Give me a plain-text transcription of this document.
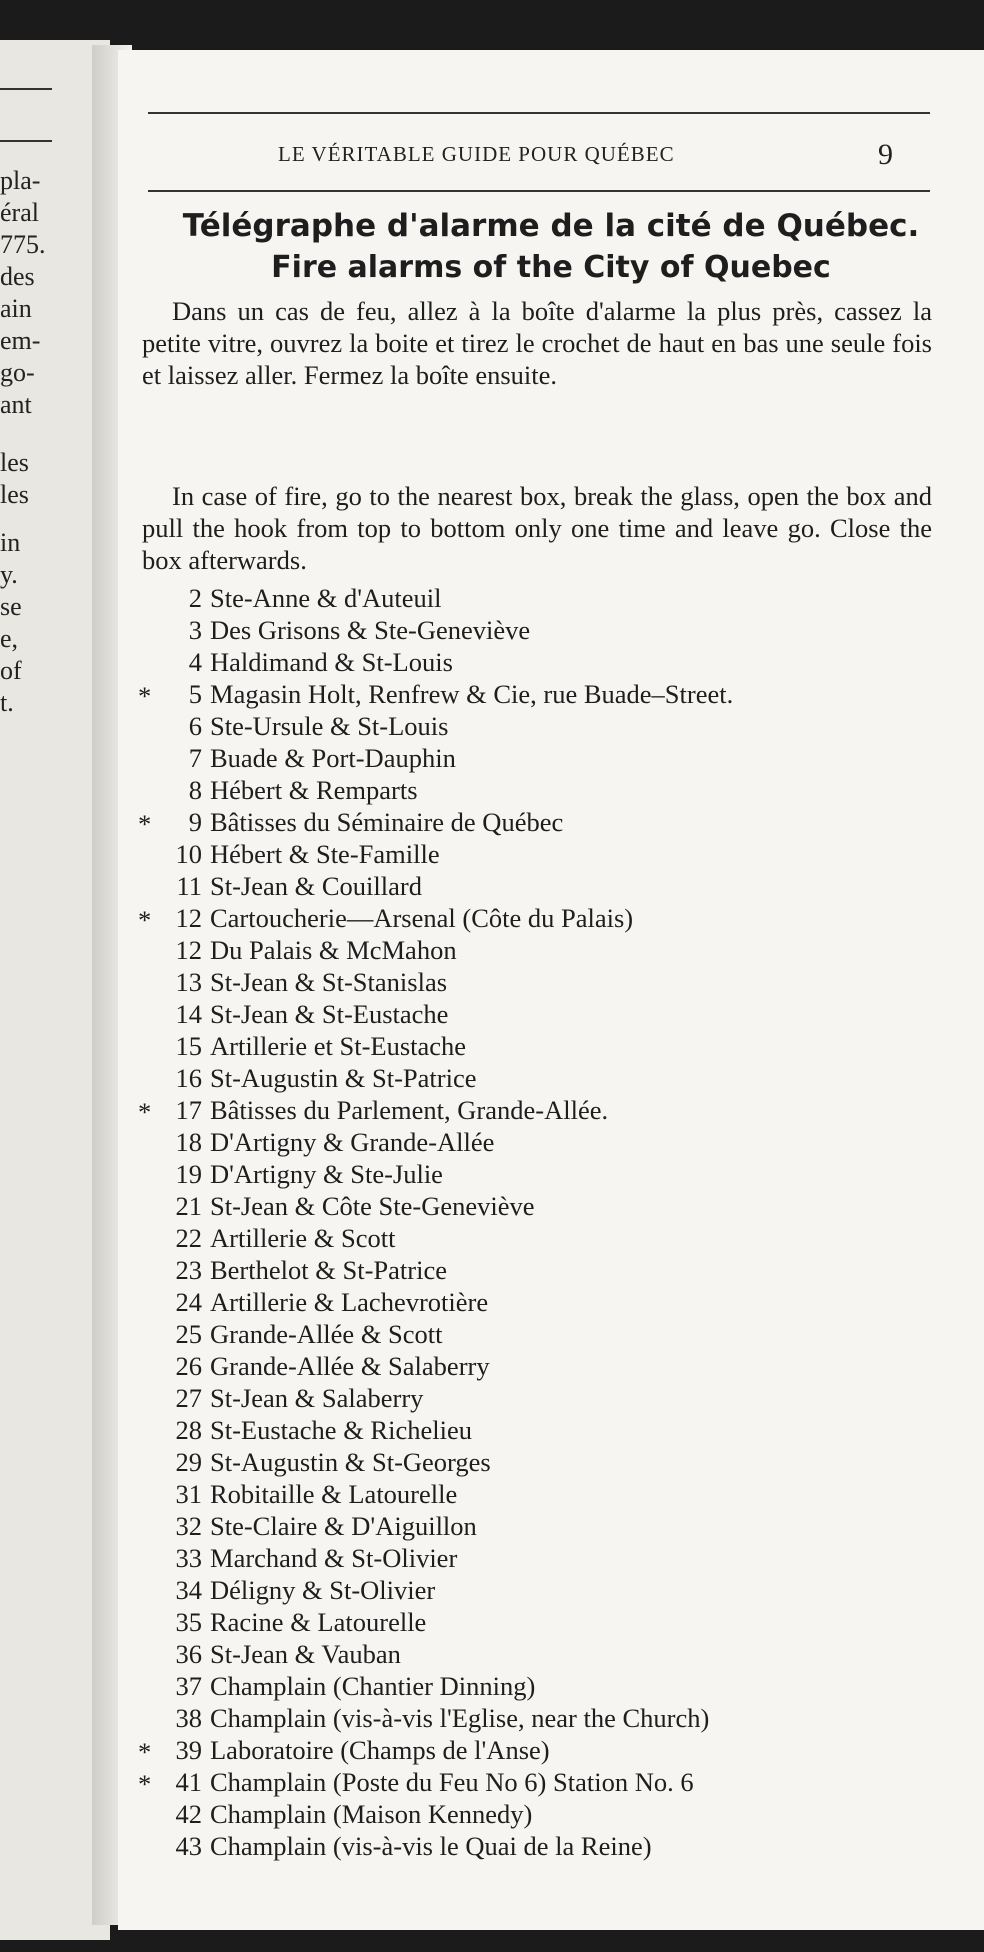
pla-
éral
775.
des
ain
em-
go-
ant
les
les
in
y.
se
e,
of
t.
LE VÉRITABLE GUIDE POUR QUÉBEC	9
Télégraphe d'alarme de la cité de Québec.
Fire alarms of the City of Quebec
Dans un cas de feu, allez à la boîte d'alarme la plus près, cassez la petite vitre, ouvrez la boite et tirez le crochet de haut en bas une seule fois et laissez aller. Fermez la boîte ensuite.
In case of fire, go to the nearest box, break the glass, open the box and pull the hook from top to bottom only one time and leave go. Close the box afterwards.
2 Ste-Anne & d'Auteuil
3 Des Grisons & Ste-Geneviève
4 Haldimand & St-Louis
*	5 Magasin Holt, Renfrew & Cie, rue Buade–Street.
6 Ste-Ursule & St-Louis
7 Buade & Port-Dauphin
8 Hébert & Remparts
*	9 Bâtisses du Séminaire de Québec
10 Hébert & Ste-Famille
11 St-Jean & Couillard
* 12 Cartoucherie—Arsenal (Côte du Palais)
12 Du Palais & McMahon
13 St-Jean & St-Stanislas
14 St-Jean & St-Eustache
15 Artillerie et St-Eustache
16 St-Augustin & St-Patrice
* 17 Bâtisses du Parlement, Grande-Allée.
18 D'Artigny & Grande-Allée
19 D'Artigny & Ste-Julie
21 St-Jean & Côte Ste-Geneviève
22 Artillerie & Scott
23 Berthelot & St-Patrice
24 Artillerie & Lachevrotière
25 Grande-Allée & Scott
26 Grande-Allée & Salaberry
27 St-Jean & Salaberry
28 St-Eustache & Richelieu
29 St-Augustin & St-Georges
31 Robitaille & Latourelle
32 Ste-Claire & D'Aiguillon
33 Marchand & St-Olivier
34 Déligny & St-Olivier
35 Racine & Latourelle
36 St-Jean & Vauban
37 Champlain (Chantier Dinning)
38 Champlain (vis-à-vis l'Eglise, near the Church)
* 39 Laboratoire (Champs de l'Anse)
* 41 Champlain (Poste du Feu No 6) Station No. 6
42 Champlain (Maison Kennedy)
43 Champlain (vis-à-vis le Quai de la Reine)
